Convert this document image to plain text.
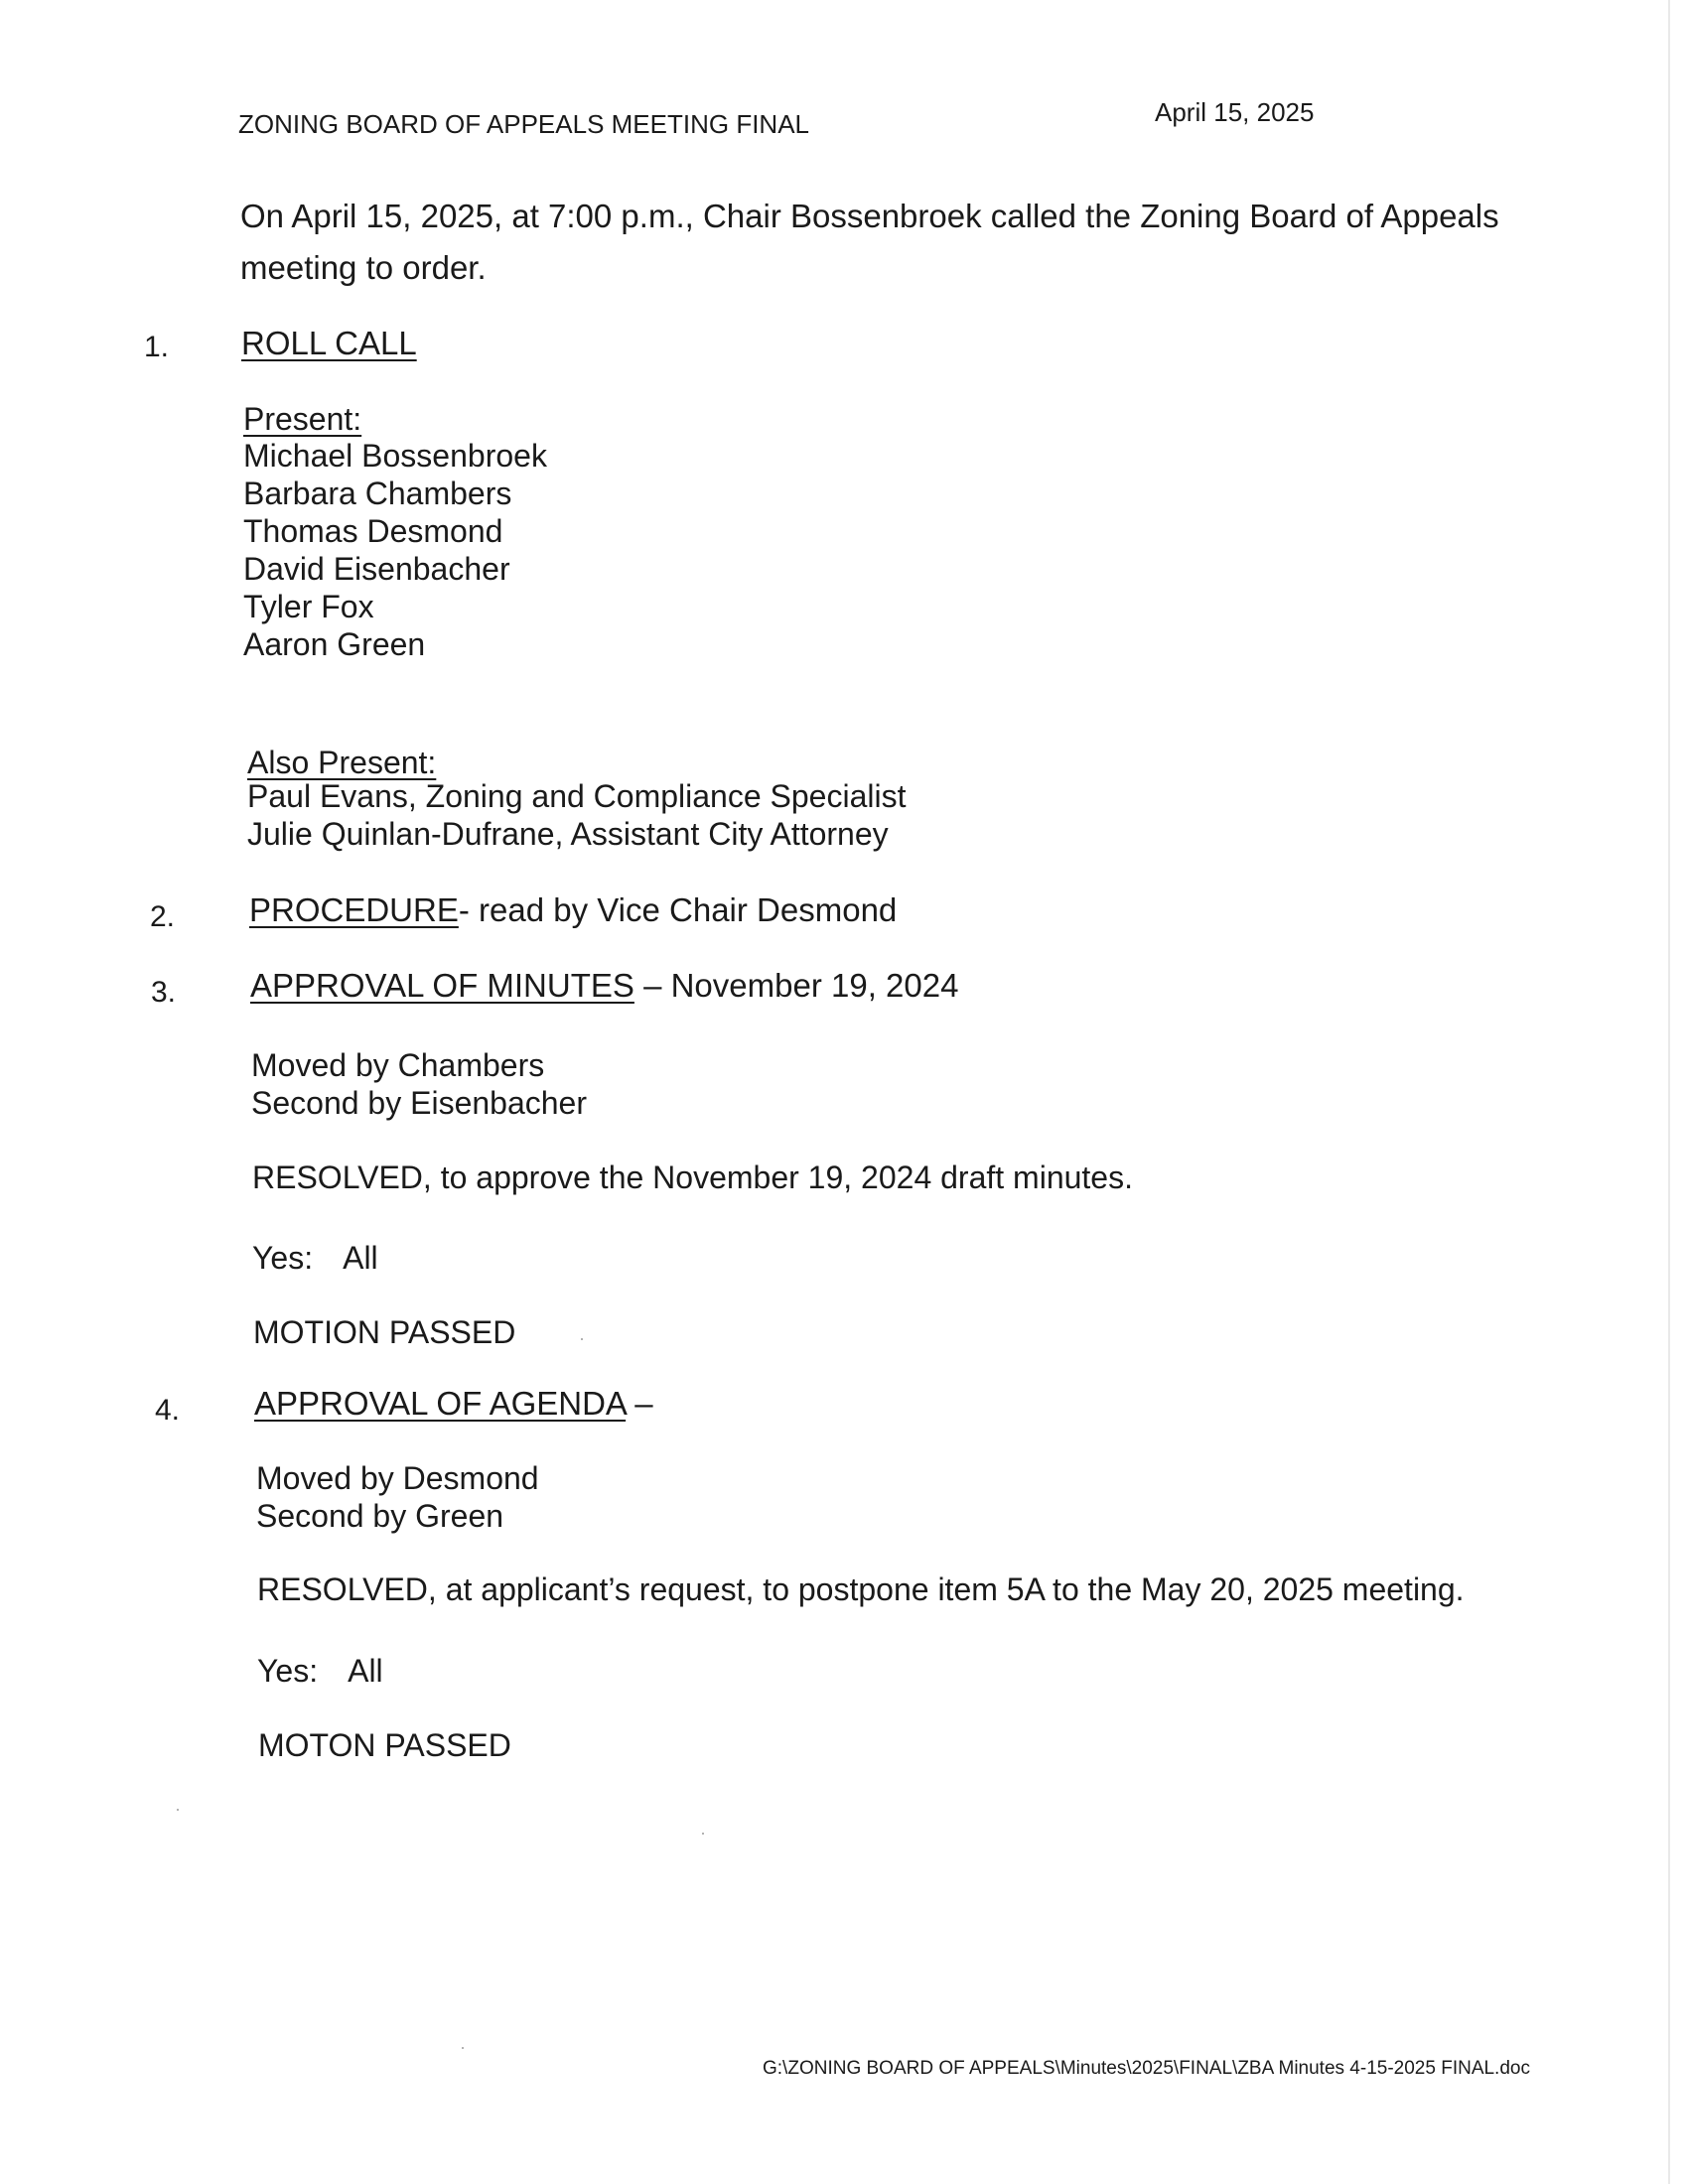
ZONING BOARD OF APPEALS MEETING FINAL	April 15, 2025
On April 15, 2025, at 7:00 p.m., Chair Bossenbroek called the Zoning Board of Appeals meeting to order.
1. ROLL CALL
Present:
Michael Bossenbroek
Barbara Chambers
Thomas Desmond
David Eisenbacher
Tyler Fox
Aaron Green
Also Present:
Paul Evans, Zoning and Compliance Specialist
Julie Quinlan-Dufrane, Assistant City Attorney
2. PROCEDURE- read by Vice Chair Desmond
3. APPROVAL OF MINUTES – November 19, 2024
Moved by Chambers
Second by Eisenbacher
RESOLVED, to approve the November 19, 2024 draft minutes.
Yes: All
MOTION PASSED
4. APPROVAL OF AGENDA –
Moved by Desmond
Second by Green
RESOLVED, at applicant’s request, to postpone item 5A to the May 20, 2025 meeting.
Yes: All
MOTON PASSED
G:\ZONING BOARD OF APPEALS\Minutes\2025\FINAL\ZBA Minutes 4-15-2025 FINAL.doc
